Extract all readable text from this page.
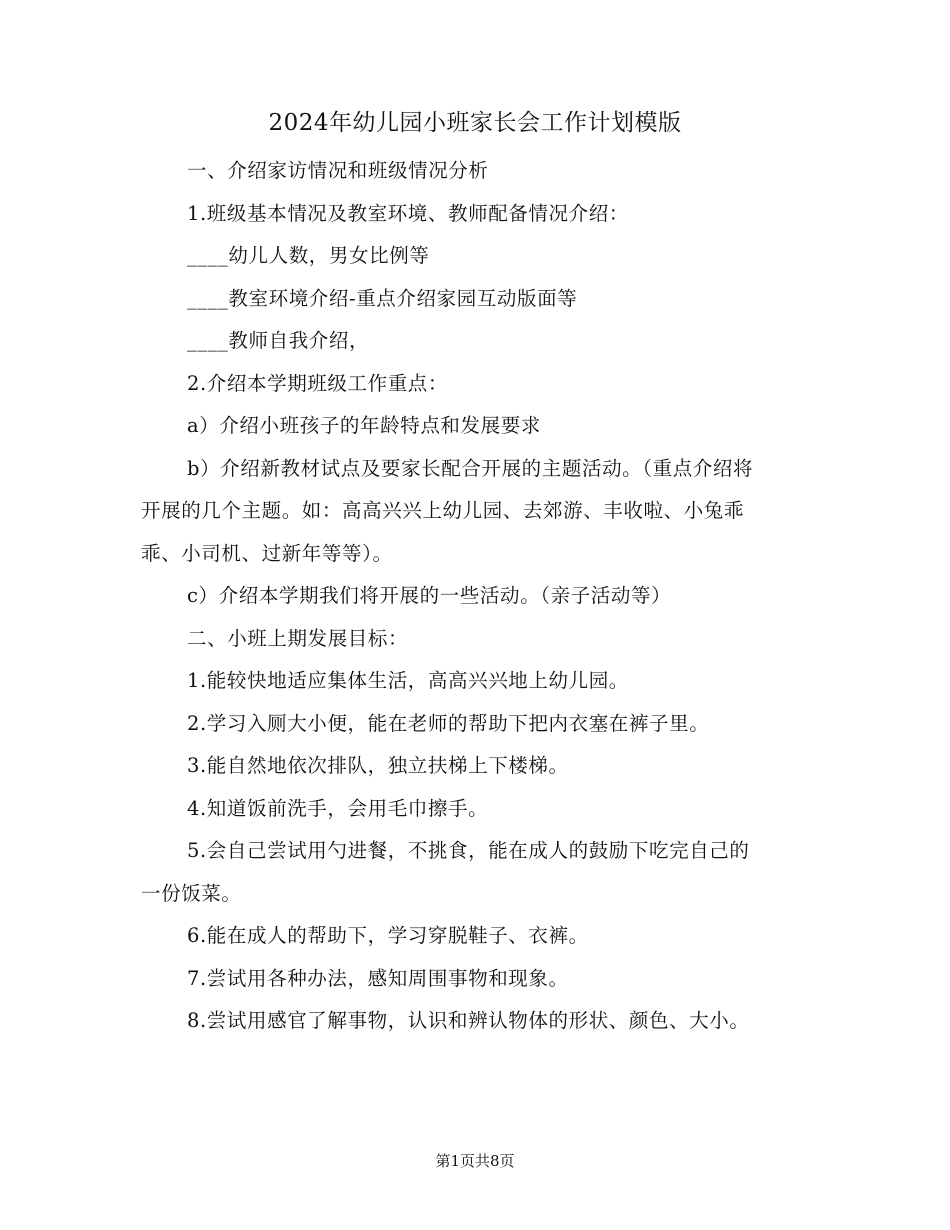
2024年幼儿园小班家长会工作计划模版

一、介绍家访情况和班级情况分析

1.班级基本情况及教室环境、教师配备情况介绍：

____幼儿人数，男女比例等

____教室环境介绍-重点介绍家园互动版面等

____教师自我介绍，

2.介绍本学期班级工作重点：

a）介绍小班孩子的年龄特点和发展要求

b）介绍新教材试点及要家长配合开展的主题活动。（重点介绍将

开展的几个主题。如：高高兴兴上幼儿园、去郊游、丰收啦、小兔乖

乖、小司机、过新年等等）。

c）介绍本学期我们将开展的一些活动。（亲子活动等）

二、小班上期发展目标：

1.能较快地适应集体生活，高高兴兴地上幼儿园。

2.学习入厕大小便，能在老师的帮助下把内衣塞在裤子里。

3.能自然地依次排队，独立扶梯上下楼梯。

4.知道饭前洗手，会用毛巾擦手。

5.会自己尝试用勺进餐，不挑食，能在成人的鼓励下吃完自己的

一份饭菜。

6.能在成人的帮助下，学习穿脱鞋子、衣裤。

7.尝试用各种办法，感知周围事物和现象。

8.尝试用感官了解事物，认识和辨认物体的形状、颜色、大小。

第1页共8页
